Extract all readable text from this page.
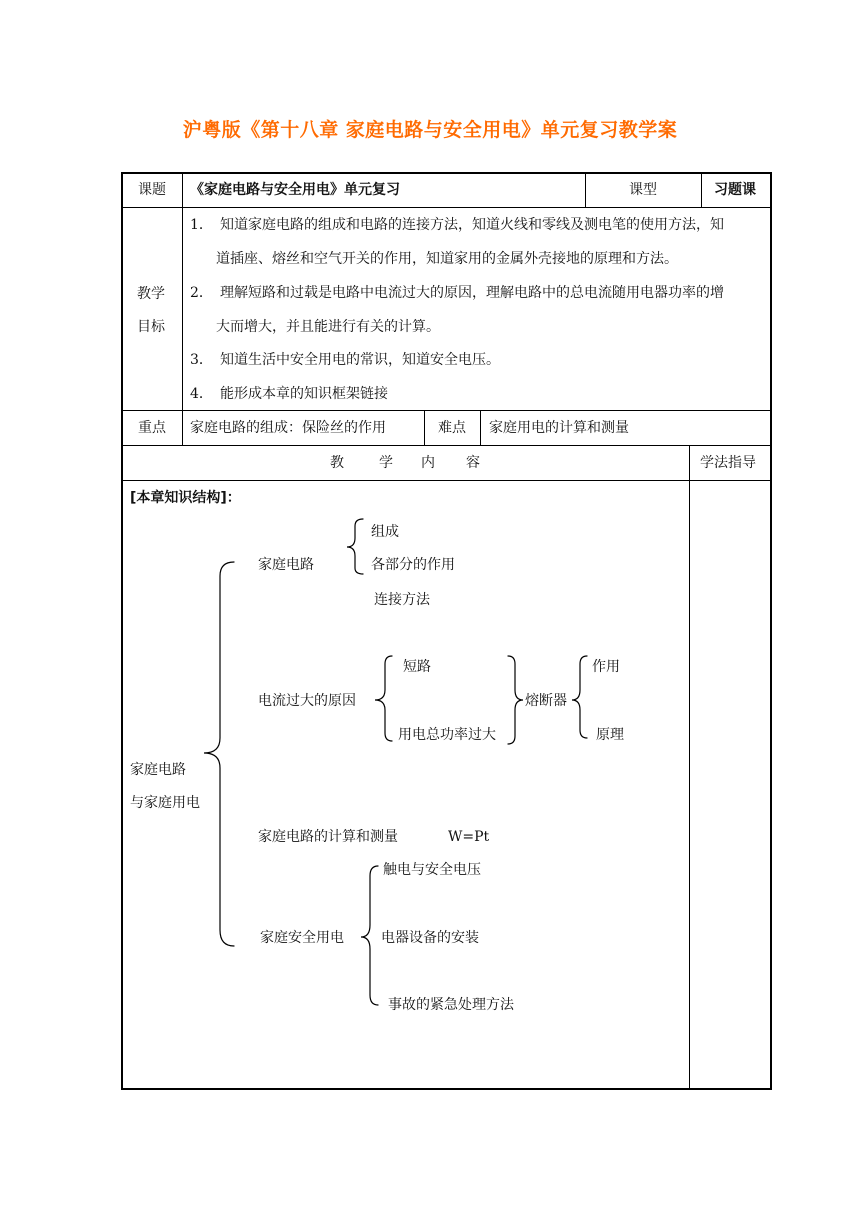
沪粤版《第十八章 家庭电路与安全用电》单元复习教学案
课题 《家庭电路与安全用电》单元复习	课型	习题课
教学
目标
1． 知道家庭电路的组成和电路的连接方法，知道火线和零线及测电笔的使用方法，知
道插座、熔丝和空气开关的作用，知道家用的金属外壳接地的原理和方法。
2． 理解短路和过载是电路中电流过大的原因，理解电路中的总电流随用电器功率的增
大而增大，并且能进行有关的计算。
3． 知道生活中安全用电的常识，知道安全电压。
4． 能形成本章的知识框架链接
重点 家庭电路的组成：保险丝的作用	难点 家庭用电的计算和测量
教	学 内 容	学法指导
[本章知识结构]：
家庭电路
与家庭用电
家庭电路
组成
各部分的作用
连接方法
电流过大的原因
短路
用电总功率过大
熔断器
作用
原理
家庭电路的计算和测量	W=Pt
家庭安全用电
触电与安全电压
电器设备的安装
事故的紧急处理方法
